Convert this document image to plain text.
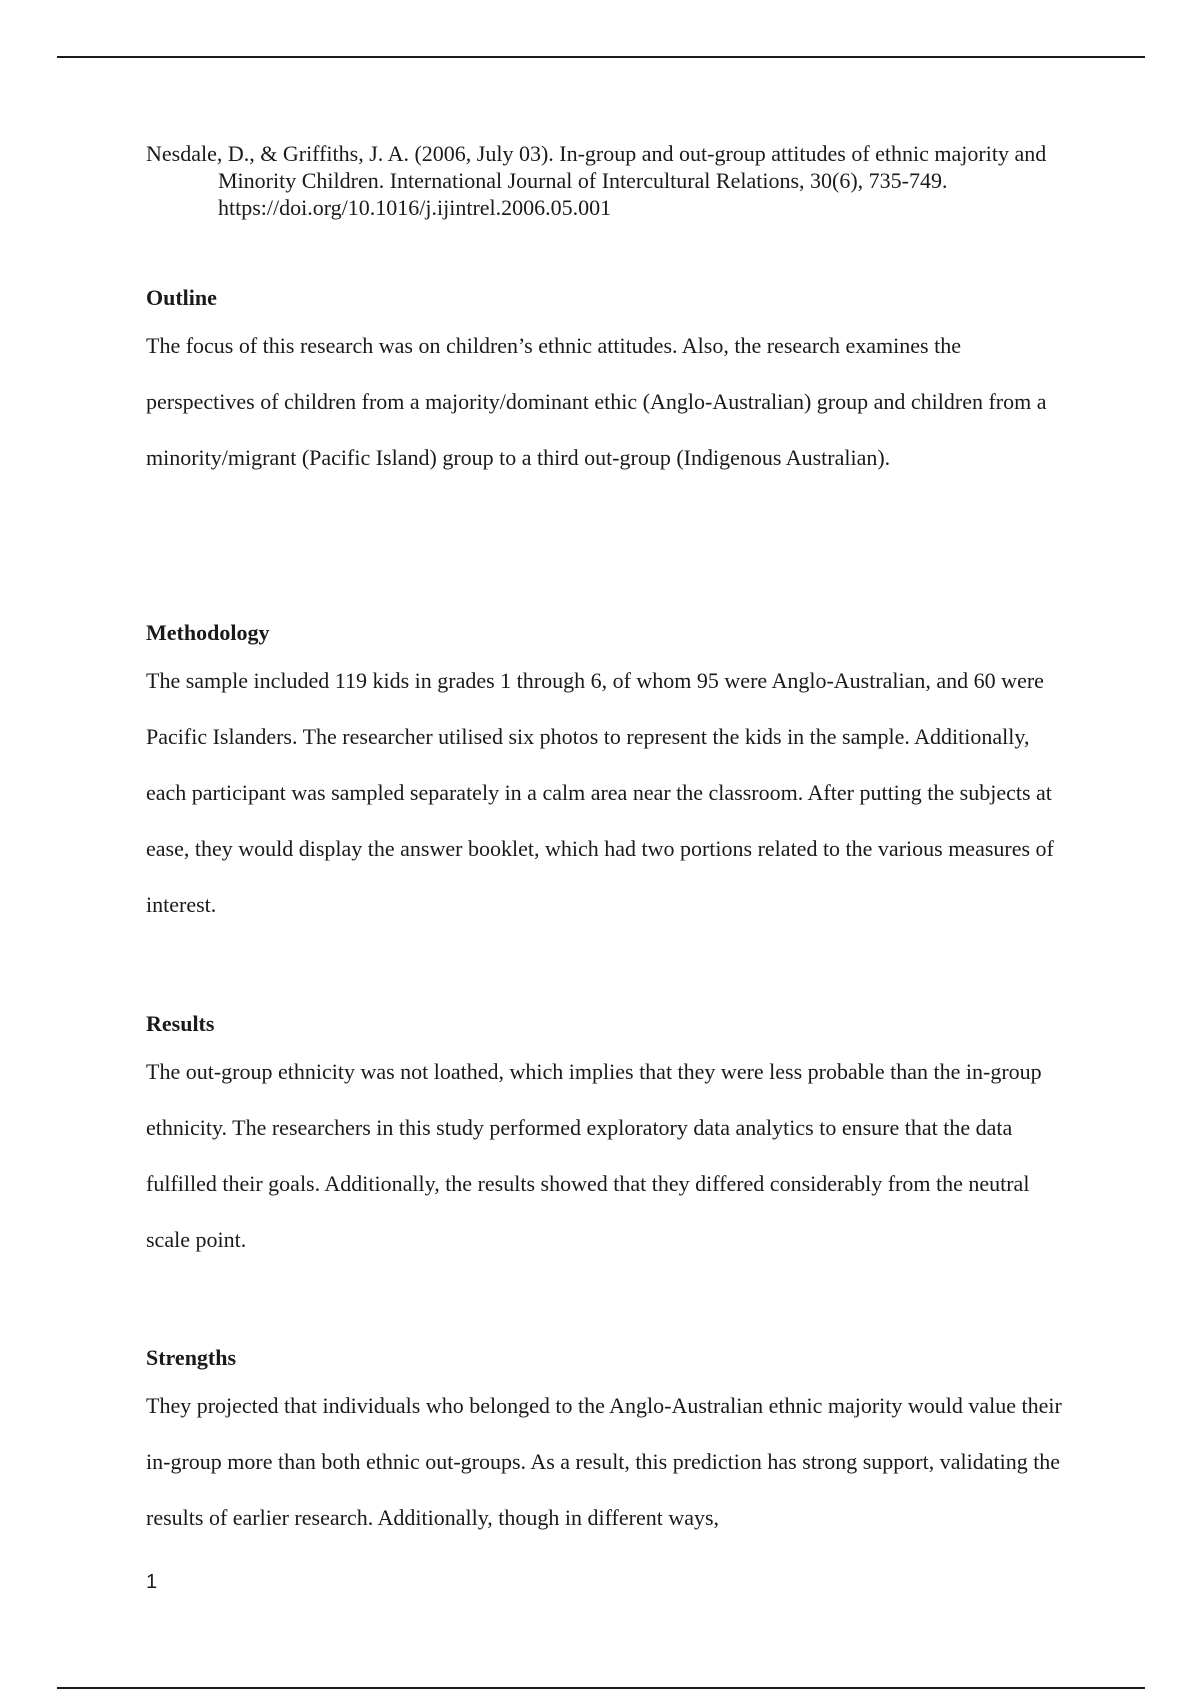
Nesdale, D., & Griffiths, J. A. (2006, July 03). In-group and out-group attitudes of ethnic majority and Minority Children. International Journal of Intercultural Relations, 30(6), 735-749. https://doi.org/10.1016/j.ijintrel.2006.05.001

Outline

The focus of this research was on children’s ethnic attitudes. Also, the research examines the perspectives of children from a majority/dominant ethic (Anglo-Australian) group and children from a minority/migrant (Pacific Island) group to a third out-group (Indigenous Australian).

Methodology

The sample included 119 kids in grades 1 through 6, of whom 95 were Anglo-Australian, and 60 were Pacific Islanders. The researcher utilised six photos to represent the kids in the sample. Additionally, each participant was sampled separately in a calm area near the classroom. After putting the subjects at ease, they would display the answer booklet, which had two portions related to the various measures of interest.

Results

The out-group ethnicity was not loathed, which implies that they were less probable than the in-group ethnicity. The researchers in this study performed exploratory data analytics to ensure that the data fulfilled their goals. Additionally, the results showed that they differed considerably from the neutral scale point.

Strengths

They projected that individuals who belonged to the Anglo-Australian ethnic majority would value their in-group more than both ethnic out-groups. As a result, this prediction has strong support, validating the results of earlier research. Additionally, though in different ways,

1
